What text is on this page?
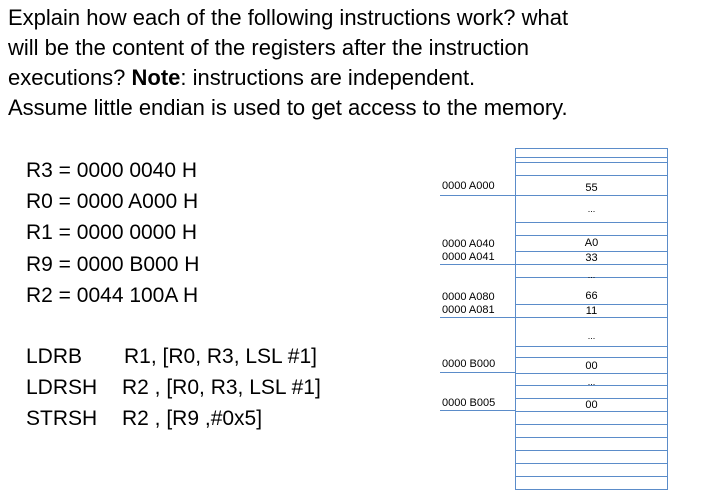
Explain how each of the following instructions work? what
will be the content of the registers after the instruction
executions? Note: instructions are independent.
Assume little endian is used to get access to the memory.
R3 = 0000 0040 H
R0 = 0000 A000 H
R1 = 0000 0000 H
R9 = 0000 B000 H
R2 = 0044 100A H
LDRB R1, [R0, R3, LSL #1]
LDRSH R2 , [R0, R3, LSL #1]
STRSH R2 , [R9 ,#0x5]
0000 A000
0000 A040
0000 A041
0000 A080
0000 A081
0000 B000
0000 B005
55
...
A0
33
...
66
11
...
00
...
00
